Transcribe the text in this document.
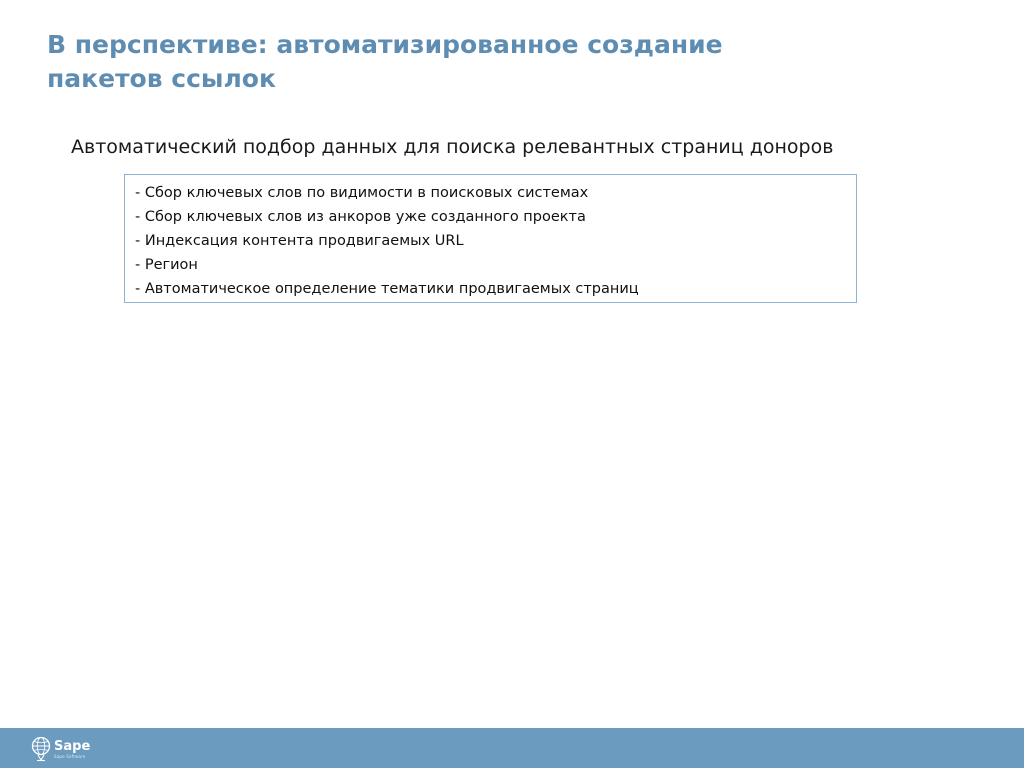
В перспективе: автоматизированное создание
пакетов ссылок
Автоматический подбор данных для поиска релевантных страниц доноров
- Сбор ключевых слов по видимости в поисковых системах
- Сбор ключевых слов из анкоров уже созданного проекта
- Индексация контента продвигаемых URL
- Регион
- Автоматическое определение тематики продвигаемых страниц
Sape
Sape Software
